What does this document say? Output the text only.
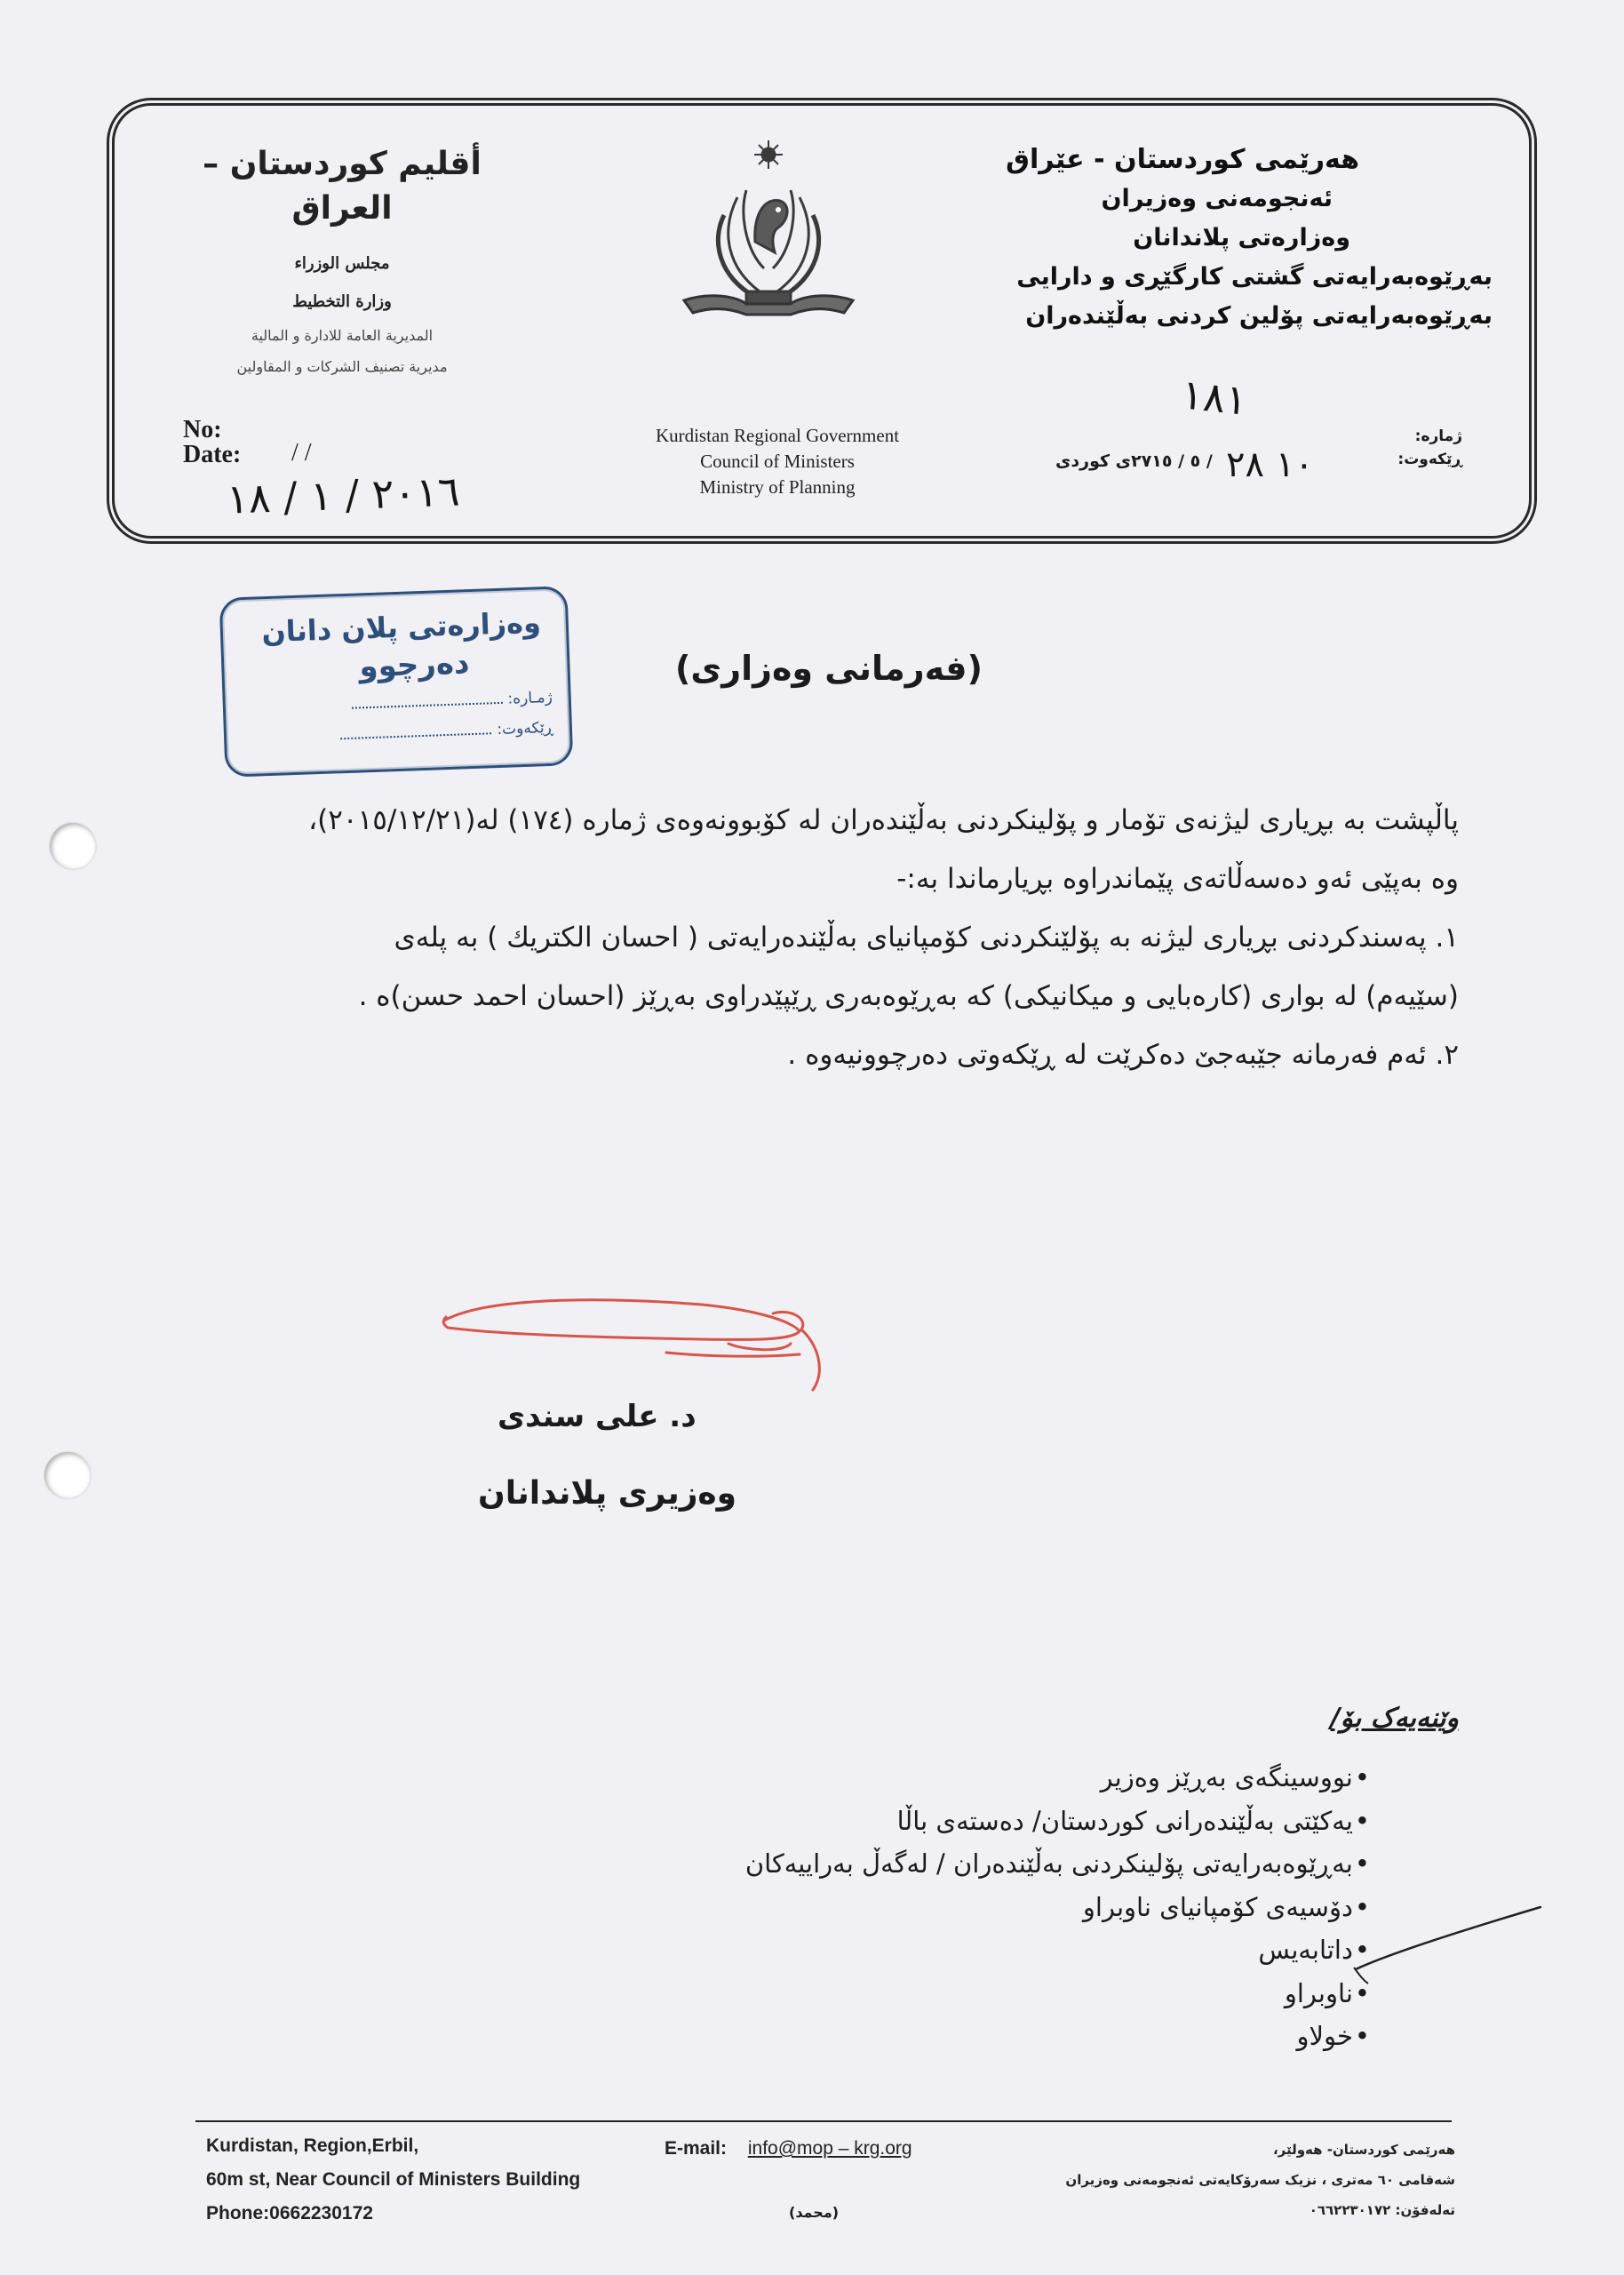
هەرێمی کوردستان - عێراق
ئەنجومەنی وەزیران
وەزارەتی پلاندانان
بەڕێوەبەرایەتی گشتی کارگێڕی و دارایی
بەڕێوەبەرایەتی پۆلین کردنی بەڵێندەران
أقليم كوردستان – العراق
مجلس الوزراء
وزارة التخطيط
المديرية العامة للادارة و المالية
مديرية تصنيف الشركات و المقاولين
Kurdistan Regional Government
Council of Ministers
Ministry of Planning
No:
Date: / /
٢٠١٦ / ١ / ١٨
ژمارە:
ڕێکەوت:
/ ٥ / ٢٧١٥ی کوردی
١٨١
١٠ ٢٨
وەزارەتی پلان دانان
دەرچوو
ژمـارە:
ڕێکەوت:
(فەرمانی وەزاری)

پاڵپشت بە بڕیاری لیژنەی تۆمار و پۆلینکردنی بەڵێندەران لە کۆبوونەوەی ژمارە (١٧٤) لە(٢٠١٥/١٢/٢١)،

وە بەپێی ئەو دەسەڵاتەی پێماندراوە بڕیارماندا بە:-

١. پەسندکردنی بڕیاری لیژنە بە پۆلێنکردنی کۆمپانیای بەڵێندەرایەتی ( احسان الكتريك ) بە پلەی

(سێیەم) لە بواری (کارەبایی و میکانیکی) کە بەڕێوەبەری ڕێپێدراوی بەڕێز (احسان احمد حسن)ە .

٢. ئەم فەرمانە جێبەجێ دەکرێت لە ڕێکەوتی دەرچوونیەوە .

د. علی سندی
وەزیری پلاندانان
وێنەیەک بۆ/
• نووسینگەی بەڕێز وەزیر
• یەکێتی بەڵێندەرانی کوردستان/ دەستەی باڵا
• بەڕێوەبەرایەتی پۆلینکردنی بەڵێندەران / لەگەڵ بەراییەکان
• دۆسیەی کۆمپانیای ناوبراو
• داتابەیس
• ناوبراو
• خولاو
Kurdistan, Region,Erbil,
60m st, Near Council of Ministers Building
Phone:0662230172
E-mail: info@mop – krg.org
(محمد)
هەرێمی کوردستان- هەولێر،
شەقامی ٦٠ مەتری ، نزیک سەرۆکایەتی ئەنجومەنی وەزیران
تەلەفۆن: ٠٦٦٢٢٣٠١٧٢
